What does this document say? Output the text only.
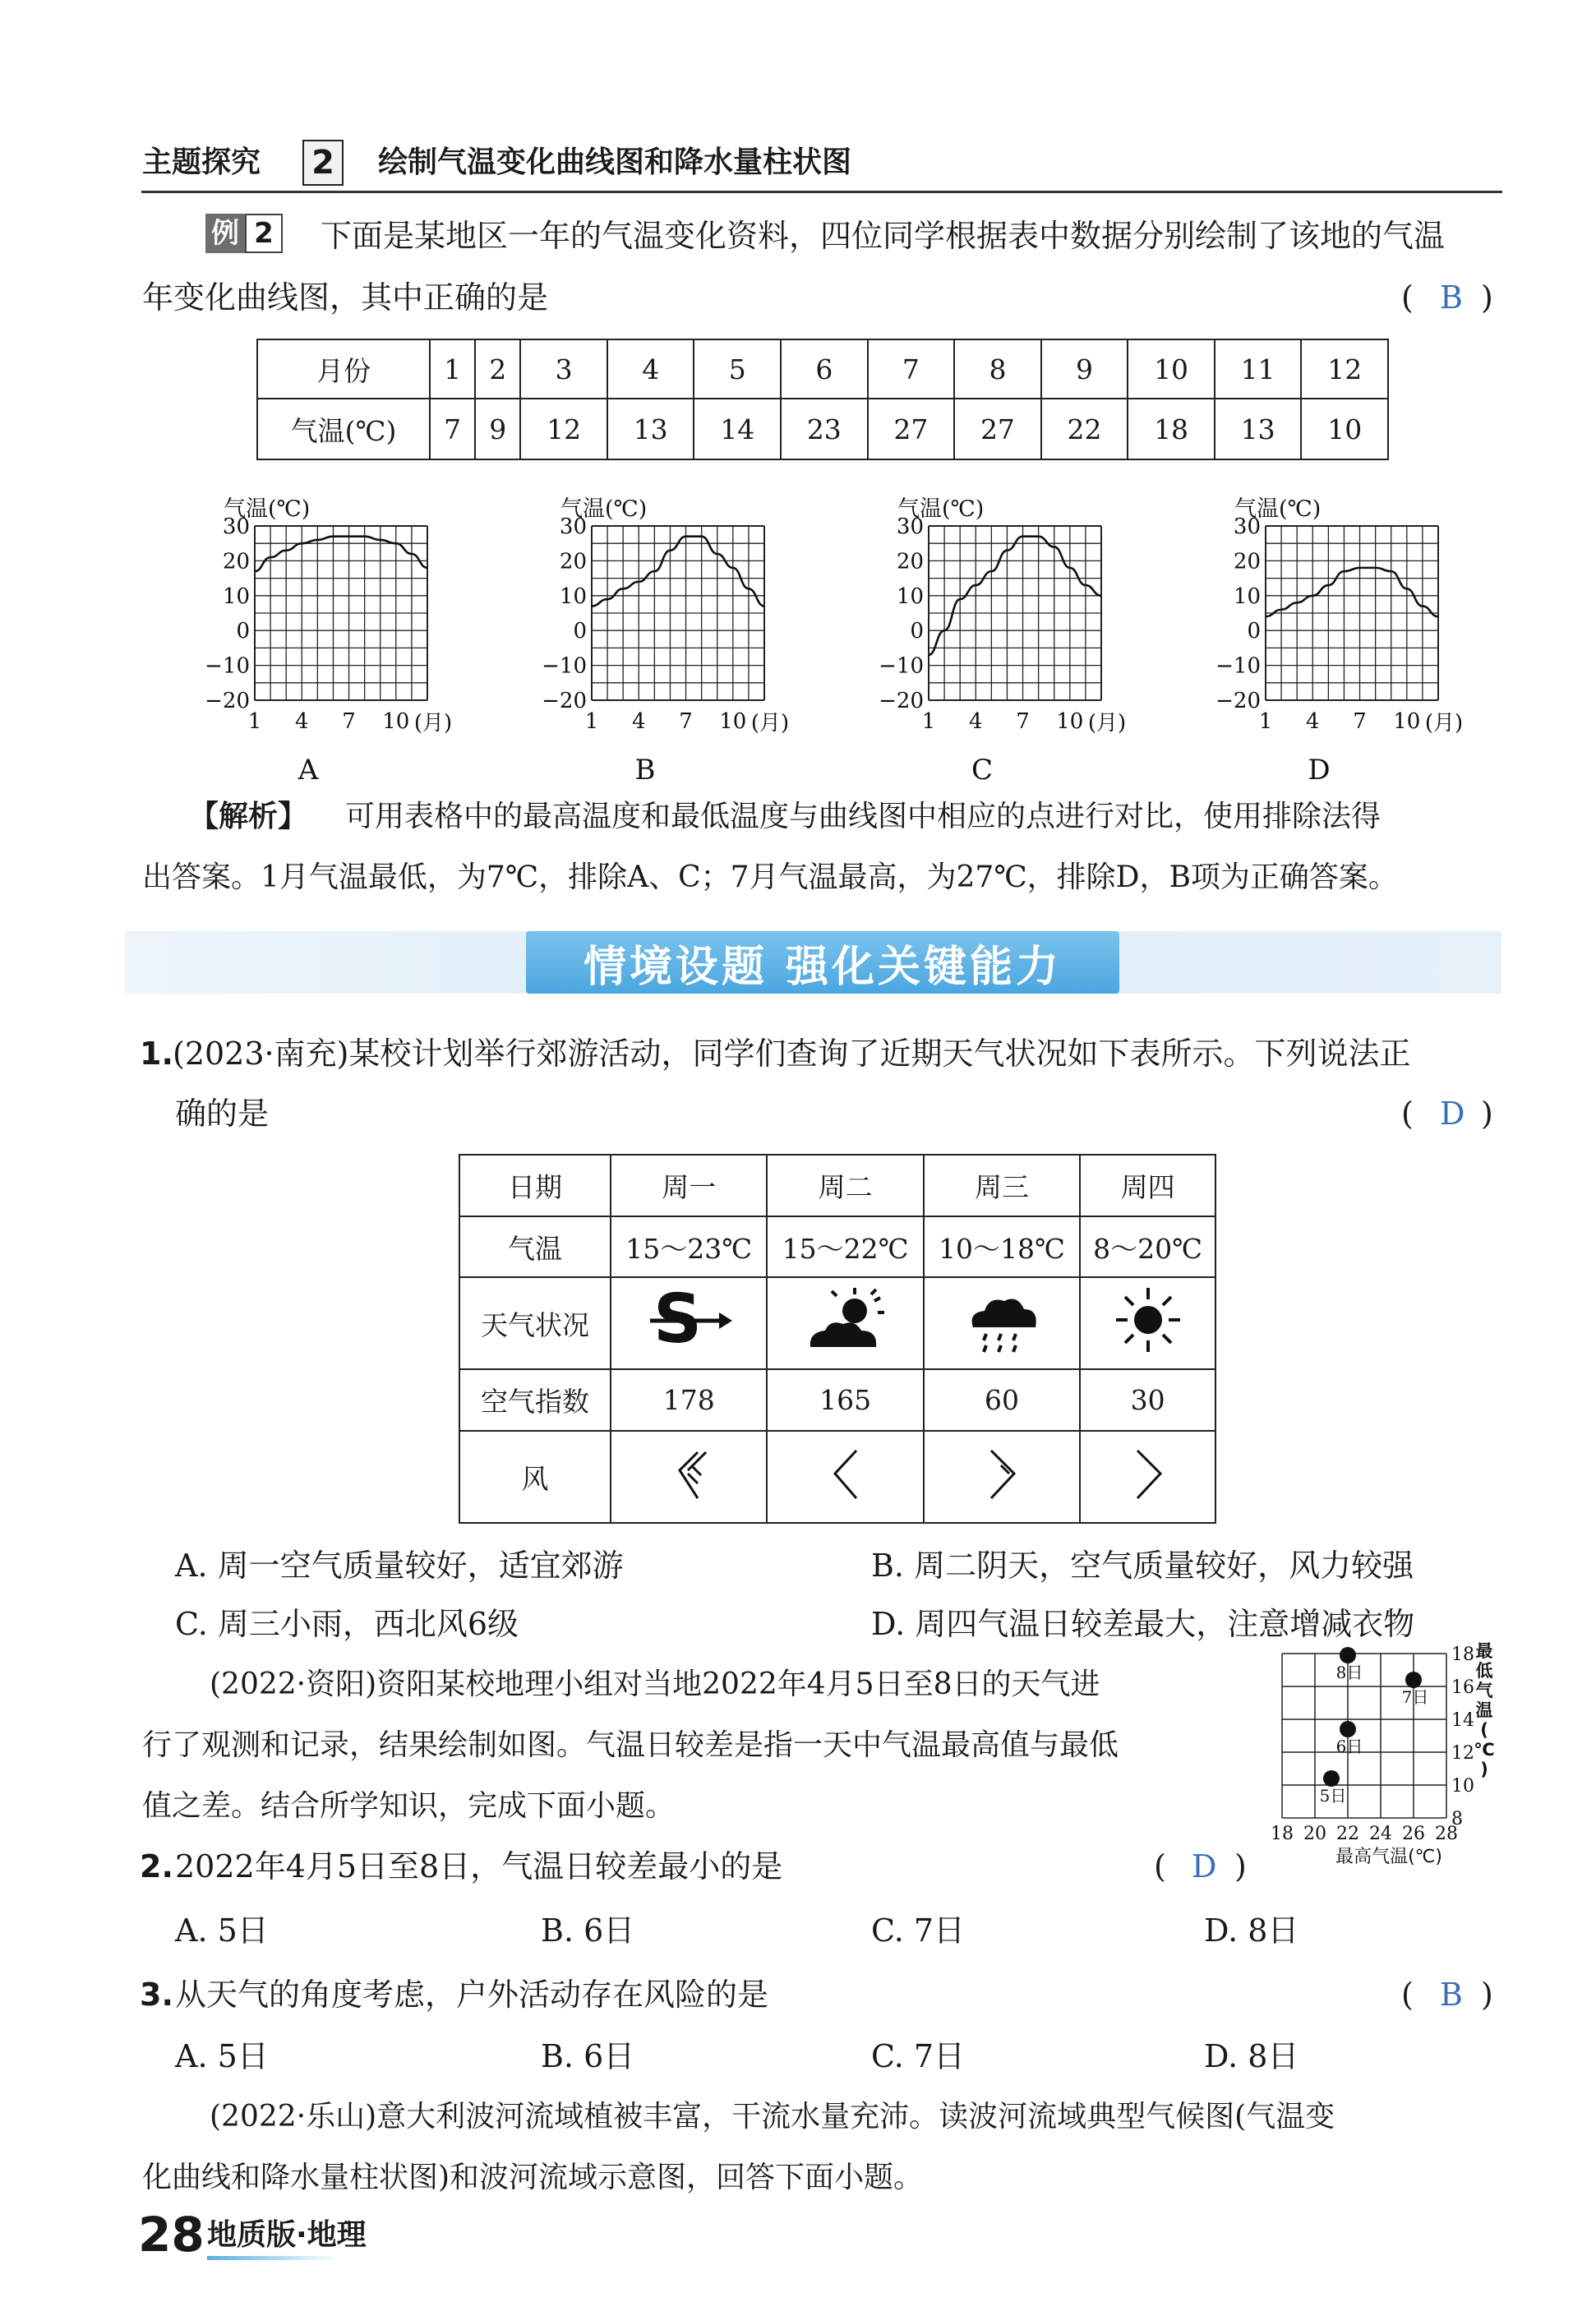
主题探究 2	绘制气温变化曲线图和降水量柱状图
例 2 下面是某地区一年的气温变化资料，四位同学根据表中数据分别绘制了该地的气温
年变化曲线图，其中正确的是	( B )
月份	1	2	3	4	5	6	7	8	9	10	11	12
气温(℃)	7	9	12	13	14	23	27	27	22	18	13	10
30
20
10
0
−10
−20
1 4 7 10 (月)
气温(℃)
A
30
20
10
0
−10
−20
1 4 7 10 (月)
气温(℃)
B
30
20
10
0
−10
−20
1 4 7 10 (月)
气温(℃)
C
30
20
10
0
−10
−20
1 4 7 10 (月)
气温(℃)
D
【解析】 可用表格中的最高温度和最低温度与曲线图中相应的点进行对比，使用排除法得
出答案。1月气温最低，为7℃，排除A、C；7月气温最高，为27℃，排除D，B项为正确答案。
情境设题 强化关键能力
1. (2023·南充)某校计划举行郊游活动，同学们查询了近期天气状况如下表所示。下列说法正
确的是	( D )
日期	周一	周二	周三	周四
气温	15～23℃	15～22℃	10～18℃	8～20℃
天气状况	S

空气指数	178	165	60	30
风				
A. 周一空气质量较好，适宜郊游	B. 周二阴天，空气质量较好，风力较强
C. 周三小雨，西北风6级	D. 周四气温日较差最大，注意增减衣物
(2022·资阳)资阳某校地理小组对当地2022年4月5日至8日的天气进
行了观测和记录，结果绘制如图。气温日较差是指一天中气温最高值与最低
值之差。结合所学知识，完成下面小题。
18 20 22 24 26 28
18
16
14
12
10
8
最高气温(℃)
最
低
气
温
(
℃
)
5日
6日
7日
8日
2. 2022年4月5日至8日，气温日较差最小的是	( D )
A. 5日	B. 6日	C. 7日	D. 8日
3. 从天气的角度考虑，户外活动存在风险的是	( B )
A. 5日	B. 6日	C. 7日	D. 8日
(2022·乐山)意大利波河流域植被丰富，干流水量充沛。读波河流域典型气候图(气温变
化曲线和降水量柱状图)和波河流域示意图，回答下面小题。
28 地质版·地理
